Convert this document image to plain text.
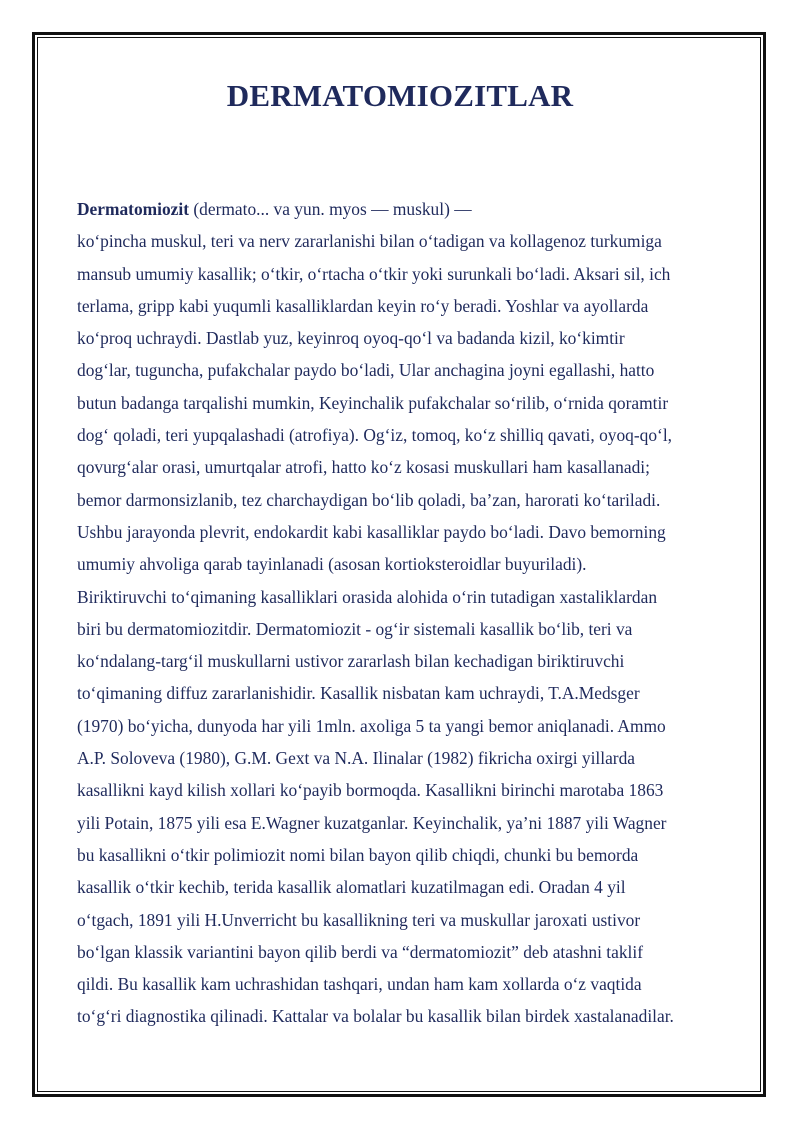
DERMATOMIOZITLAR
Dermatomiozit (dermato... va yun. myos — muskul) —
ko‘pincha muskul, teri va nerv zararlanishi bilan o‘tadigan va kollagenoz turkumiga
mansub umumiy kasallik; o‘tkir, o‘rtacha o‘tkir yoki surunkali bo‘ladi. Aksari sil, ich
terlama, gripp kabi yuqumli kasalliklardan keyin ro‘y beradi. Yoshlar va ayollarda
ko‘proq uchraydi. Dastlab yuz, keyinroq oyoq-qo‘l va badanda kizil, ko‘kimtir
dog‘lar, tuguncha, pufakchalar paydo bo‘ladi, Ular anchagina joyni egallashi, hatto
butun badanga tarqalishi mumkin, Keyinchalik pufakchalar so‘rilib, o‘rnida qoramtir
dog‘ qoladi, teri yupqalashadi (atrofiya). Og‘iz, tomoq, ko‘z shilliq qavati, oyoq-qo‘l,
qovurg‘alar orasi, umurtqalar atrofi, hatto ko‘z kosasi muskullari ham kasallanadi;
bemor darmonsizlanib, tez charchaydigan bo‘lib qoladi, ba’zan, harorati ko‘tariladi.
Ushbu jarayonda plevrit, endokardit kabi kasalliklar paydo bo‘ladi. Davo bemorning
umumiy ahvoliga qarab tayinlanadi (asosan kortioksteroidlar buyuriladi).
Biriktiruvchi to‘qimaning kasalliklari orasida alohida o‘rin tutadigan xastaliklardan
biri bu dermatomiozitdir. Dermatomiozit - og‘ir sistemali kasallik bo‘lib, teri va
ko‘ndalang-targ‘il muskullarni ustivor zararlash bilan kechadigan biriktiruvchi
to‘qimaning diffuz zararlanishidir. Kasallik nisbatan kam uchraydi, T.A.Medsger
(1970) bo‘yicha, dunyoda har yili 1mln. axoliga 5 ta yangi bemor aniqlanadi. Ammo
A.P. Soloveva (1980), G.M. Gext va N.A. Ilinalar (1982) fikricha oxirgi yillarda
kasallikni kayd kilish xollari ko‘payib bormoqda. Kasallikni birinchi marotaba 1863
yili Potain, 1875 yili esa E.Wagner kuzatganlar. Keyinchalik, ya’ni 1887 yili Wagner
bu kasallikni o‘tkir polimiozit nomi bilan bayon qilib chiqdi, chunki bu bemorda
kasallik o‘tkir kechib, terida kasallik alomatlari kuzatilmagan edi. Oradan 4 yil
o‘tgach, 1891 yili H.Unverricht bu kasallikning teri va muskullar jaroxati ustivor
bo‘lgan klassik variantini bayon qilib berdi va “dermatomiozit” deb atashni taklif
qildi. Bu kasallik kam uchrashidan tashqari, undan ham kam xollarda o‘z vaqtida
to‘g‘ri diagnostika qilinadi. Kattalar va bolalar bu kasallik bilan birdek xastalanadilar.
